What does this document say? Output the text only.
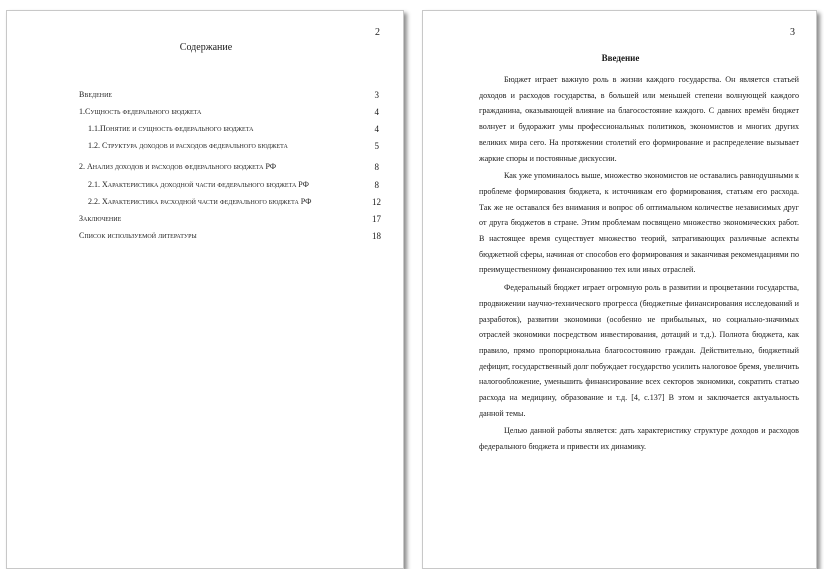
2
Содержание
Введение	3
1.Сущность федерального бюджета	4
1.1.Понятие и сущность федерального бюджета	4
1.2. Структура доходов и расходов федерального бюджета	5
2. Анализ доходов и расходов федерального бюджета РФ	8
2.1. Характеристика доходной части федерального бюджета РФ	8
2.2. Характеристика расходной части федерального бюджета РФ	12
Заключение	17
Список используемой литературы	18
3
Введение

Бюджет играет важную роль в жизни каждого государства. Он является статьей доходов и расходов государства, в большей или меньшей степени волнующей каждого гражданина, оказывающей влияние на благосостояние каждого. С давних времён бюджет волнует и будоражит умы профессиональных политиков, экономистов и многих других великих мира сего. На протяжении столетий его формирование и распределение вызывает жаркие споры и постоянные дискуссии.

Как уже упоминалось выше, множество экономистов не оставались равнодушными к проблеме формирования бюджета, к источникам его формирования, статьям его расхода. Так же не оставался без внимания и вопрос об оптимальном количестве независимых друг от друга бюджетов в стране. Этим проблемам посвящено множество экономических работ. В настоящее время существует множество теорий, затрагивающих различные аспекты бюджетной сферы, начиная от способов его формирования и заканчивая рекомендациями по преимущественному финансированию тех или иных отраслей.

Федеральный бюджет играет огромную роль в развитии и процветании государства, продвижении научно-технического прогресса (бюджетные финансирования исследований и разработок), развитии экономики (особенно не прибыльных, но социально-значимых отраслей экономики посредством инвестирования, дотаций и т.д.). Полнота бюджета, как правило, прямо пропорциональна благосостоянию граждан. Действительно, бюджетный дефицит, государственный долг побуждает государство усилить налоговое бремя, увеличить налогообложение, уменьшить финансирование всех секторов экономики, сократить статью расхода на медицину, образование и т.д. [4, с.137] В этом и заключается актуальность данной темы.

Целью данной работы является: дать характеристику структуре доходов и расходов федерального бюджета и привести их динамику.
